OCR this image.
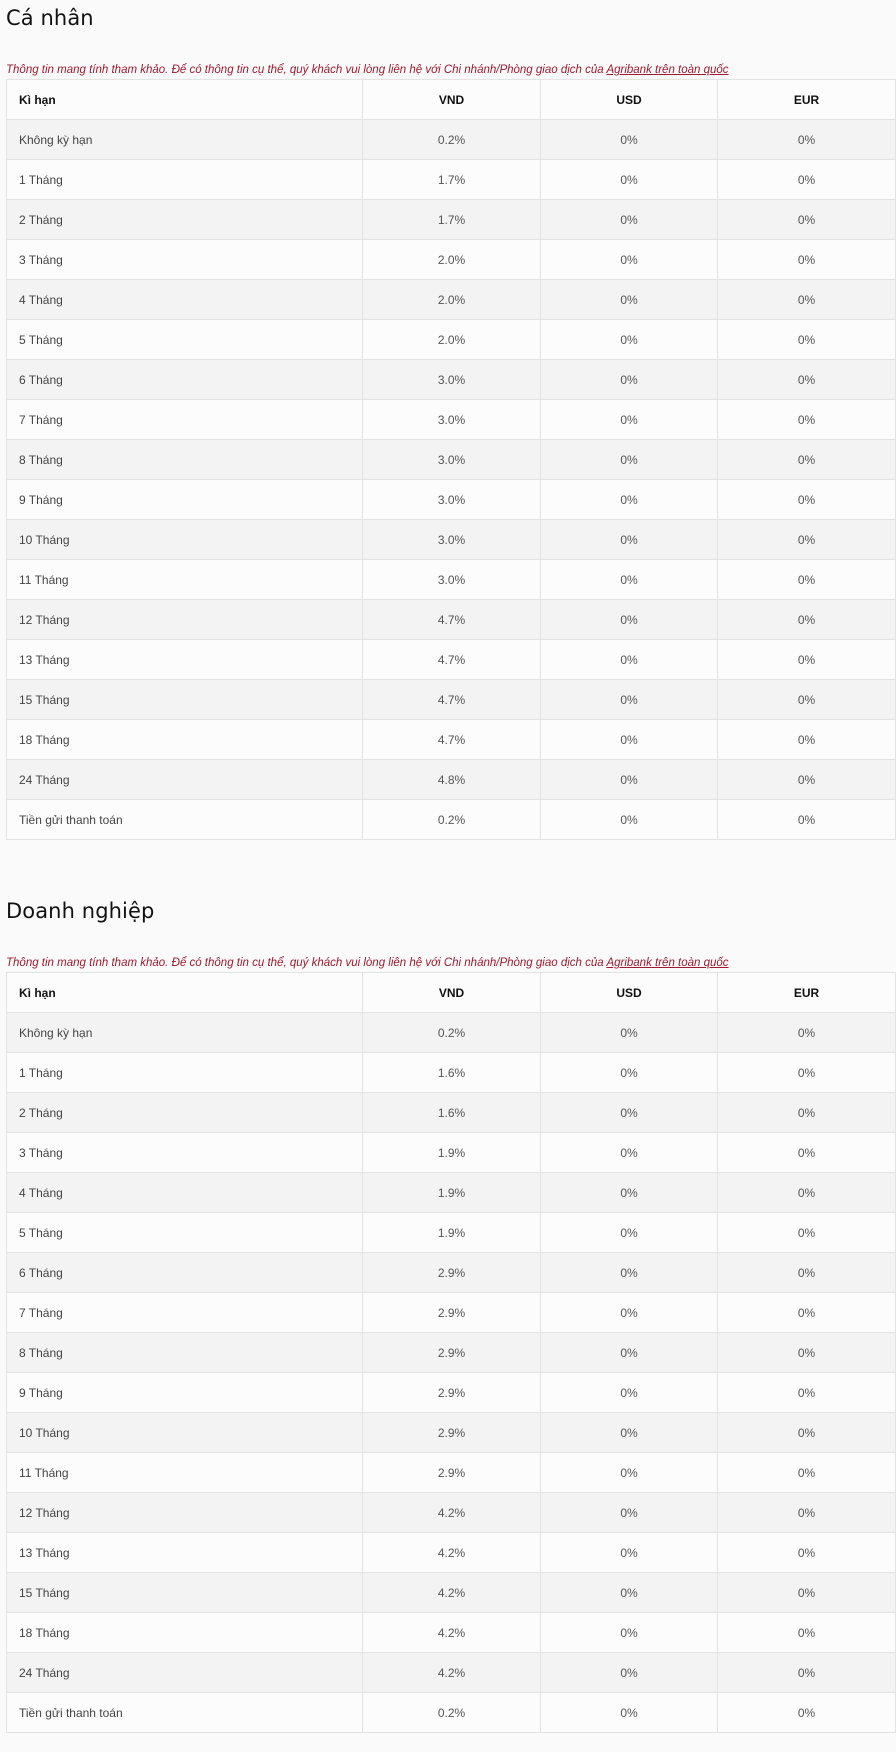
Cá nhân
Thông tin mang tính tham khảo. Để có thông tin cụ thể, quý khách vui lòng liên hệ với Chi nhánh/Phòng giao dịch của Agribank trên toàn quốc
Kì hạn	VND	USD	EUR
Không kỳ hạn	0.2%	0%	0%
1 Tháng	1.7%	0%	0%
2 Tháng	1.7%	0%	0%
3 Tháng	2.0%	0%	0%
4 Tháng	2.0%	0%	0%
5 Tháng	2.0%	0%	0%
6 Tháng	3.0%	0%	0%
7 Tháng	3.0%	0%	0%
8 Tháng	3.0%	0%	0%
9 Tháng	3.0%	0%	0%
10 Tháng	3.0%	0%	0%
11 Tháng	3.0%	0%	0%
12 Tháng	4.7%	0%	0%
13 Tháng	4.7%	0%	0%
15 Tháng	4.7%	0%	0%
18 Tháng	4.7%	0%	0%
24 Tháng	4.8%	0%	0%
Tiền gửi thanh toán	0.2%	0%	0%
Doanh nghiệp
Thông tin mang tính tham khảo. Để có thông tin cụ thể, quý khách vui lòng liên hệ với Chi nhánh/Phòng giao dịch của Agribank trên toàn quốc
Kì hạn	VND	USD	EUR
Không kỳ hạn	0.2%	0%	0%
1 Tháng	1.6%	0%	0%
2 Tháng	1.6%	0%	0%
3 Tháng	1.9%	0%	0%
4 Tháng	1.9%	0%	0%
5 Tháng	1.9%	0%	0%
6 Tháng	2.9%	0%	0%
7 Tháng	2.9%	0%	0%
8 Tháng	2.9%	0%	0%
9 Tháng	2.9%	0%	0%
10 Tháng	2.9%	0%	0%
11 Tháng	2.9%	0%	0%
12 Tháng	4.2%	0%	0%
13 Tháng	4.2%	0%	0%
15 Tháng	4.2%	0%	0%
18 Tháng	4.2%	0%	0%
24 Tháng	4.2%	0%	0%
Tiền gửi thanh toán	0.2%	0%	0%
